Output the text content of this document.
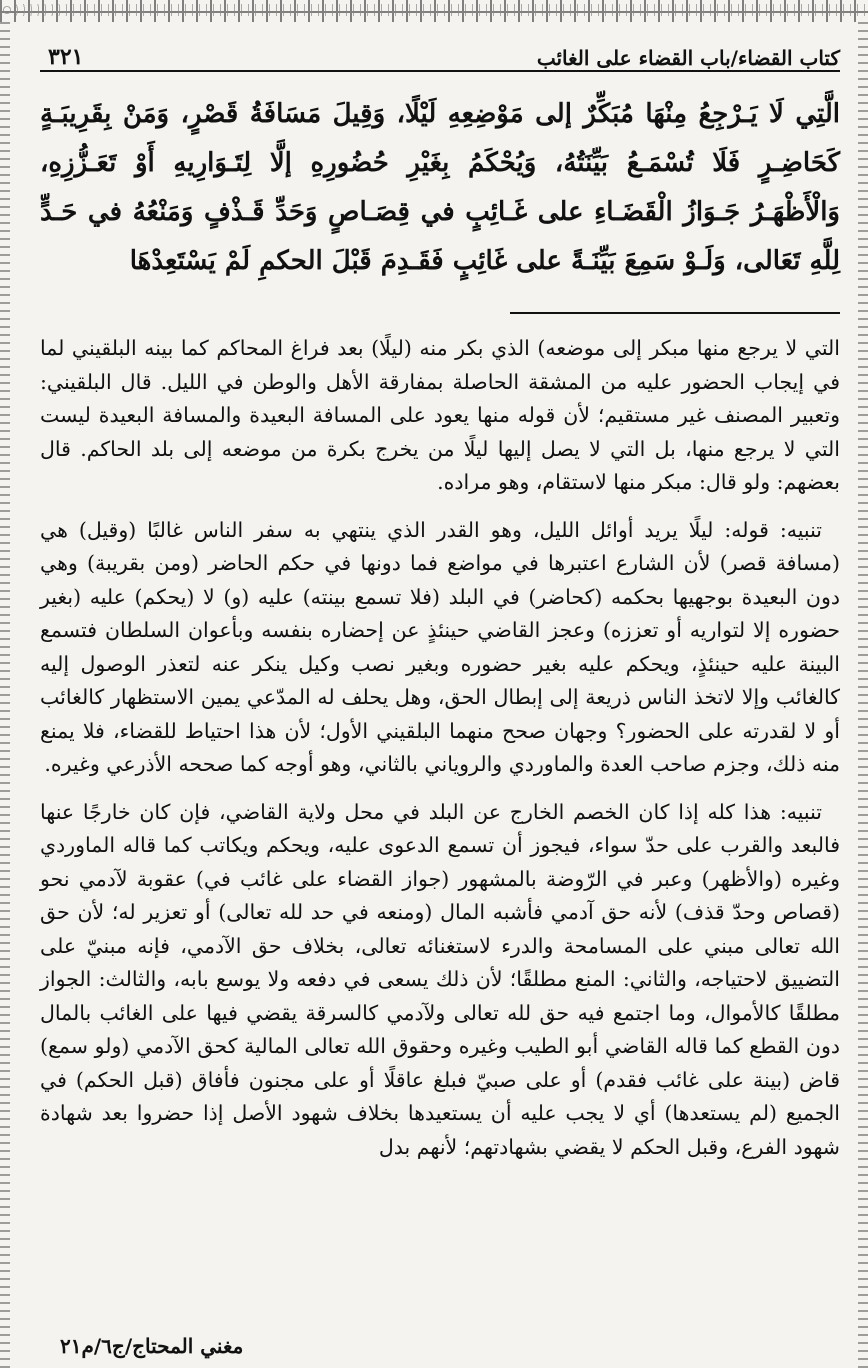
كتاب القضاء/باب القضاء على الغائب
٣٢١
الَّتِي لَا يَـرْجِعُ مِنْهَا مُبَكِّرٌ إلى مَوْضِعِهِ لَيْلًا، وَقِيلَ مَسَافَةُ قَصْرٍ، وَمَنْ بِقَرِيبَـةٍ كَحَاضِـرٍ فَلَا تُسْمَـعُ بَيِّنَتُهُ، وَيُحْكَمُ بِغَيْرِ حُضُورِهِ إلَّا لِتَـوَارِيهِ أَوْ تَعَـزُّزِهِ، وَالْأَظْهَـرُ جَـوَازُ الْقَضَـاءِ على غَـائِبٍ في قِصَـاصٍ وَحَدِّ قَـذْفٍ وَمَنْعُهُ في حَـدٍّ لِلَّهِ تَعَالى، وَلَـوْ سَمِعَ بَيِّنَـةً على غَائِبٍ فَقَـدِمَ قَبْلَ الحكمِ لَمْ يَسْتَعِدْهَا

التي لا يرجع منها مبكر إلى موضعه) الذي بكر منه (ليلًا) بعد فراغ المحاكم كما بينه البلقيني لما في إيجاب الحضور عليه من المشقة الحاصلة بمفارقة الأهل والوطن في الليل. قال البلقيني: وتعبير المصنف غير مستقيم؛ لأن قوله منها يعود على المسافة البعيدة والمسافة البعيدة ليست التي لا يرجع منها، بل التي لا يصل إليها ليلًا من يخرج بكرة من موضعه إلى بلد الحاكم. قال بعضهم: ولو قال: مبكر منها لاستقام، وهو مراده.

تنبيه: قوله: ليلًا يريد أوائل الليل، وهو القدر الذي ينتهي به سفر الناس غالبًا (وقيل) هي (مسافة قصر) لأن الشارع اعتبرها في مواضع فما دونها في حكم الحاضر (ومن بقريبة) وهي دون البعيدة بوجهيها بحكمه (كحاضر) في البلد (فلا تسمع بينته) عليه (و) لا (يحكم) عليه (بغير حضوره إلا لتواريه أو تعززه) وعجز القاضي حينئذٍ عن إحضاره بنفسه وبأعوان السلطان فتسمع البينة عليه حينئذٍ، ويحكم عليه بغير حضوره وبغير نصب وكيل ينكر عنه لتعذر الوصول إليه كالغائب وإلا لاتخذ الناس ذريعة إلى إبطال الحق، وهل يحلف له المدّعي يمين الاستظهار كالغائب أو لا لقدرته على الحضور؟ وجهان صحح منهما البلقيني الأول؛ لأن هذا احتياط للقضاء، فلا يمنع منه ذلك، وجزم صاحب العدة والماوردي والروياني بالثاني، وهو أوجه كما صححه الأذرعي وغيره.

تنبيه: هذا كله إذا كان الخصم الخارج عن البلد في محل ولاية القاضي، فإن كان خارجًا عنها فالبعد والقرب على حدّ سواء، فيجوز أن تسمع الدعوى عليه، ويحكم ويكاتب كما قاله الماوردي وغيره (والأظهر) وعبر في الرّوضة بالمشهور (جواز القضاء على غائب في) عقوبة لآدمي نحو (قصاص وحدّ قذف) لأنه حق آدمي فأشبه المال (ومنعه في حد لله تعالى) أو تعزير له؛ لأن حق الله تعالى مبني على المسامحة والدرء لاستغنائه تعالى، بخلاف حق الآدمي، فإنه مبنيّ على التضييق لاحتياجه، والثاني: المنع مطلقًا؛ لأن ذلك يسعى في دفعه ولا يوسع بابه، والثالث: الجواز مطلقًا كالأموال، وما اجتمع فيه حق لله تعالى ولآدمي كالسرقة يقضي فيها على الغائب بالمال دون القطع كما قاله القاضي أبو الطيب وغيره وحقوق الله تعالى المالية كحق الآدمي (ولو سمع) قاض (بينة على غائب فقدم) أو على صبيّ فبلغ عاقلًا أو على مجنون فأفاق (قبل الحكم) في الجميع (لم يستعدها) أي لا يجب عليه أن يستعيدها بخلاف شهود الأصل إذا حضروا بعد شهادة شهود الفرع، وقبل الحكم لا يقضي بشهادتهم؛ لأنهم بدل

مغني المحتاج/ج٦/م٢١
